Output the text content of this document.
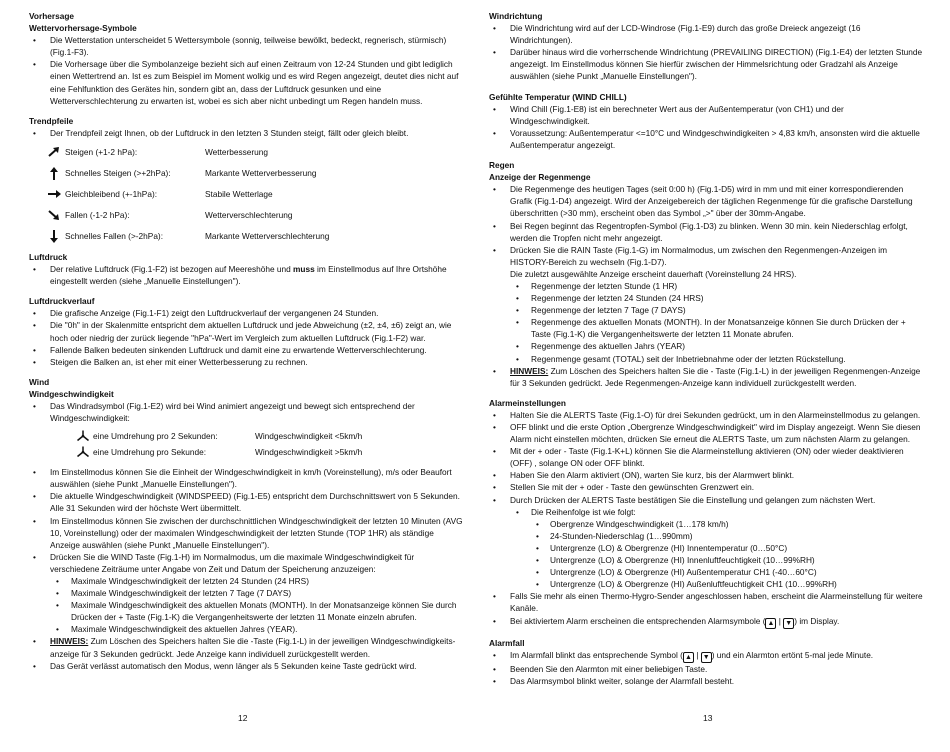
Vorhersage

Wettervorhersage-Symbole

• Die Wetterstation unterscheidet 5 Wettersymbole (sonnig, teilweise bewölkt, bedeckt, regnerisch, stürmisch) (Fig.1-F3).
• Die Vorhersage über die Symbolanzeige bezieht sich auf einen Zeitraum von 12-24 Stunden und gibt lediglich einen Wettertrend an. Ist es zum Beispiel im Moment wolkig und es wird Regen angezeigt, deutet dies nicht auf eine Fehlfunktion des Gerätes hin, sondern gibt an, dass der Luftdruck gesunken und eine Wetterverschlechterung zu erwarten ist, wobei es sich aber nicht unbedingt um Regen handeln muss.

Trendpfeile

• Der Trendpfeil zeigt Ihnen, ob der Luftdruck in den letzten 3 Stunden steigt, fällt oder gleich bleibt.
Steigen (+1-2 hPa):	Wetterbesserung
Schnelles Steigen (>+2hPa):	Markante Wetterverbesserung
Gleichbleibend (+-1hPa):	Stabile Wetterlage
Fallen (-1-2 hPa):	Wetterverschlechterung
Schnelles Fallen (>-2hPa):	Markante Wetterverschlechterung

Luftdruck

• Der relative Luftdruck (Fig.1-F2) ist bezogen auf Meereshöhe und muss im Einstellmodus auf Ihre Ortshöhe eingestellt werden (siehe „Manuelle Einstellungen").

Luftdruckverlauf

• Die grafische Anzeige (Fig.1-F1) zeigt den Luftdruckverlauf der vergangenen 24 Stunden.
• Die "0h" in der Skalenmitte entspricht dem aktuellen Luftdruck und jede Abweichung (±2, ±4, ±6) zeigt an, wie hoch oder niedrig der zurück liegende "hPa"-Wert im Vergleich zum aktuellen Luftdruck (Fig.1-F2) war.
• Fallende Balken bedeuten sinkenden Luftdruck und damit eine zu erwartende Wetterverschlechterung.
• Steigen die Balken an, ist eher mit einer Wetterbesserung zu rechnen.

Wind

Windgeschwindigkeit

• Das Windradsymbol (Fig.1-E2) wird bei Wind animiert angezeigt und bewegt sich entsprechend der Windgeschwindigkeit:
eine Umdrehung pro 2 Sekunden:	Windgeschwindigkeit <5km/h
eine Umdrehung pro Sekunde:	Windgeschwindigkeit >5km/h
• Im Einstellmodus können Sie die Einheit der Windgeschwindigkeit in km/h (Voreinstellung), m/s oder Beaufort auswählen (siehe Punkt „Manuelle Einstellungen").
• Die aktuelle Windgeschwindigkeit (WINDSPEED) (Fig.1-E5) entspricht dem Durchschnittswert von 5 Sekunden. Alle 31 Sekunden wird der höchste Wert übermittelt.
• Im Einstellmodus können Sie zwischen der durchschnittlichen Windgeschwindigkeit der letzten 10 Minuten (AVG 10, Voreinstellung) oder der maximalen Windgeschwindigkeit der letzten Stunde (TOP 1HR) als ständige Anzeige auswählen (siehe Punkt „Manuelle Einstellungen").
• Drücken Sie die WIND Taste (Fig.1-H) im Normalmodus, um die maximale Windgeschwindigkeit für verschiedene Zeiträume unter Angabe von Zeit und Datum der Speicherung anzuzeigen:
• Maximale Windgeschwindigkeit der letzten 24 Stunden (24 HRS)
• Maximale Windgeschwindigkeit der letzten 7 Tage (7 DAYS)
• Maximale Windgeschwindigkeit des aktuellen Monats (MONTH). In der Monatsanzeige können Sie durch Drücken der + Taste (Fig.1-K) die Vergangenheitswerte der letzten 11 Monate einzeln abrufen.
• Maximale Windgeschwindigkeit des aktuellen Jahres (YEAR).
• HINWEIS: Zum Löschen des Speichers halten Sie die -Taste (Fig.1-L) in der jeweiligen Windgeschwindigkeits-anzeige für 3 Sekunden gedrückt. Jede Anzeige kann individuell zurückgestellt werden.
• Das Gerät verlässt automatisch den Modus, wenn länger als 5 Sekunden keine Taste gedrückt wird.
12

Windrichtung

• Die Windrichtung wird auf der LCD-Windrose (Fig.1-E9) durch das große Dreieck angezeigt (16 Windrichtungen).
• Darüber hinaus wird die vorherrschende Windrichtung (PREVAILING DIRECTION) (Fig.1-E4) der letzten Stunde angezeigt. Im Einstellmodus können Sie hierfür zwischen der Himmelsrichtung oder Gradzahl als Anzeige auswählen (siehe Punkt „Manuelle Einstellungen").

Gefühlte Temperatur (WIND CHILL)

• Wind Chill (Fig.1-E8) ist ein berechneter Wert aus der Außentemperatur (von CH1) und der Windgeschwindigkeit.
• Voraussetzung: Außentemperatur <=10°C und Windgeschwindigkeiten > 4,83 km/h, ansonsten wird die aktuelle Außentemperatur angezeigt.

Regen

Anzeige der Regenmenge

• Die Regenmenge des heutigen Tages (seit 0:00 h) (Fig.1-D5) wird in mm und mit einer korrespondierenden Grafik (Fig.1-D4) angezeigt. Wird der Anzeigebereich der täglichen Regenmenge für die grafische Darstellung überschritten (>30 mm), erscheint oben das Symbol „>" über der 30mm-Angabe.
• Bei Regen beginnt das Regentropfen-Symbol (Fig.1-D3) zu blinken. Wenn 30 min. kein Niederschlag erfolgt, werden die Tropfen nicht mehr angezeigt.
• Drücken Sie die RAIN Taste (Fig.1-G) im Normalmodus, um zwischen den Regenmengen-Anzeigen im HISTORY-Bereich zu wechseln (Fig.1-D7).
Die zuletzt ausgewählte Anzeige erscheint dauerhaft (Voreinstellung 24 HRS).
• Regenmenge der letzten Stunde (1 HR)
• Regenmenge der letzten 24 Stunden (24 HRS)
• Regenmenge der letzten 7 Tage (7 DAYS)
• Regenmenge des aktuellen Monats (MONTH). In der Monatsanzeige können Sie durch Drücken der + Taste (Fig.1-K) die Vergangenheitswerte der letzten 11 Monate abrufen.
• Regenmenge des aktuellen Jahrs (YEAR)
• Regenmenge gesamt (TOTAL) seit der Inbetriebnahme oder der letzten Rückstellung.
• HINWEIS: Zum Löschen des Speichers halten Sie die - Taste (Fig.1-L) in der jeweiligen Regenmengen-Anzeige für 3 Sekunden gedrückt. Jede Regenmengen-Anzeige kann individuell zurückgestellt werden.

Alarmeinstellungen

• Halten Sie die ALERTS Taste (Fig.1-O) für drei Sekunden gedrückt, um in den Alarmeinstellmodus zu gelangen.
• OFF blinkt und die erste Option „Obergrenze Windgeschwindigkeit" wird im Display angezeigt. Wenn Sie diesen Alarm nicht einstellen möchten, drücken Sie erneut die ALERTS Taste, um zum nächsten Alarm zu gelangen.
• Mit der + oder - Taste (Fig.1-K+L) können Sie die Alarmeinstellung aktivieren (ON) oder wieder deaktivieren (OFF) , solange ON oder OFF blinkt.
• Haben Sie den Alarm aktiviert (ON), warten Sie kurz, bis der Alarmwert blinkt.
• Stellen Sie mit der + oder - Taste den gewünschten Grenzwert ein.
• Durch Drücken der ALERTS Taste bestätigen Sie die Einstellung und gelangen zum nächsten Wert.
• Die Reihenfolge ist wie folgt:
• Obergrenze Windgeschwindigkeit (1…178 km/h)
• 24-Stunden-Niederschlag (1…990mm)
• Untergrenze (LO) & Obergrenze (HI) Innentemperatur (0…50°C)
• Untergrenze (LO) & Obergrenze (HI) Innenluftfeuchtigkeit (10…99%RH)
• Untergrenze (LO) & Obergrenze (HI) Außentemperatur CH1 (-40…60°C)
• Untergrenze (LO) & Obergrenze (HI) Außenluftfeuchtigkeit CH1 (10…99%RH)
• Falls Sie mehr als einen Thermo-Hygro-Sender angeschlossen haben, erscheint die Alarmeinstellung für weitere Kanäle.
• Bei aktiviertem Alarm erscheinen die entsprechenden Alarmsymbole ( ▲ | ▼ ) im Display.

Alarmfall

• Im Alarmfall blinkt das entsprechende Symbol ( ▲ | ▼ ) und ein Alarmton ertönt 5-mal jede Minute.
• Beenden Sie den Alarmton mit einer beliebigen Taste.
• Das Alarmsymbol blinkt weiter, solange der Alarmfall besteht.
13
